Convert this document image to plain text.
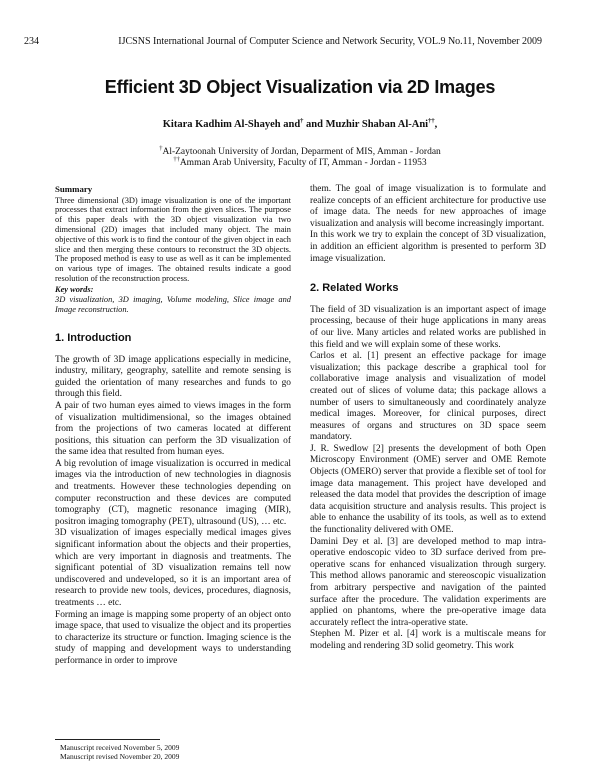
234	IJCSNS International Journal of Computer Science and Network Security, VOL.9 No.11, November 2009
Efficient 3D Object Visualization via 2D Images
Kitara Kadhim Al-Shayeh and† and Muzhir Shaban Al-Ani††,
†Al-Zaytoonah University of Jordan, Deparment of MIS, Amman - Jordan
††Amman Arab University, Faculty of IT, Amman - Jordan - 11953
Summary

Three dimensional (3D) image visualization is one of the important processes that extract information from the given slices. The purpose of this paper deals with the 3D object visualization via two dimensional (2D) images that included many object. The main objective of this work is to find the contour of the given object in each slice and then merging these contours to reconstruct the 3D objects. The proposed method is easy to use as well as it can be implemented on various type of images. The obtained results indicate a good resolution of the reconstruction process.

Key words:

3D visualization, 3D imaging, Volume modeling, Slice image and Image reconstruction.

1. Introduction

The growth of 3D image applications especially in medicine, industry, military, geography, satellite and remote sensing is guided the orientation of many researches and funds to go through this field.

A pair of two human eyes aimed to views images in the form of visualization multidimensional, so the images obtained from the projections of two cameras located at different positions, this situation can perform the 3D visualization of the same idea that resulted from human eyes.

A big revolution of image visualization is occurred in medical images via the introduction of new technologies in diagnosis and treatments. However these technologies depending on computer reconstruction and these devices are computed tomography (CT), magnetic resonance imaging (MIR), positron imaging tomography (PET), ultrasound (US), … etc.

3D visualization of images especially medical images gives significant information about the objects and their properties, which are very important in diagnosis and treatments. The significant potential of 3D visualization remains tell now undiscovered and undeveloped, so it is an important area of research to provide new tools, devices, procedures, diagnosis, treatments … etc.

Forming an image is mapping some property of an object onto image space, that used to visualize the object and its properties to characterize its structure or function. Imaging science is the study of mapping and development ways to understanding performance in order to improve

them. The goal of image visualization is to formulate and realize concepts of an efficient architecture for productive use of image data. The needs for new approaches of image visualization and analysis will become increasingly important.

In this work we try to explain the concept of 3D visualization, in addition an efficient algorithm is presented to perform 3D image visualization.

2. Related Works

The field of 3D visualization is an important aspect of image processing, because of their huge applications in many areas of our live. Many articles and related works are published in this field and we will explain some of these works.

Carlos et al. [1] present an effective package for image visualization; this package describe a graphical tool for collaborative image analysis and visualization of model created out of slices of volume data; this package allows a number of users to simultaneously and coordinately analyze medical images. Moreover, for clinical purposes, direct measures of organs and structures on 3D space seem mandatory.

J. R. Swedlow [2] presents the development of both Open Microscopy Environment (OME) server and OME Remote Objects (OMERO) server that provide a flexible set of tool for image data management. This project have developed and released the data model that provides the description of image data acquisition structure and analysis results. This project is able to enhance the usability of its tools, as well as to extend the functionality delivered with OME.

Damini Dey et al. [3] are developed method to map intra-operative endoscopic video to 3D surface derived from pre-operative scans for enhanced visualization through surgery. This method allows panoramic and stereoscopic visualization from arbitrary perspective and navigation of the painted surface after the procedure. The validation experiments are applied on phantoms, where the pre-operative image data accurately reflect the intra-operative state.

Stephen M. Pizer et al. [4] work is a multiscale means for modeling and rendering 3D solid geometry. This work

Manuscript received November 5, 2009
Manuscript revised November 20, 2009
